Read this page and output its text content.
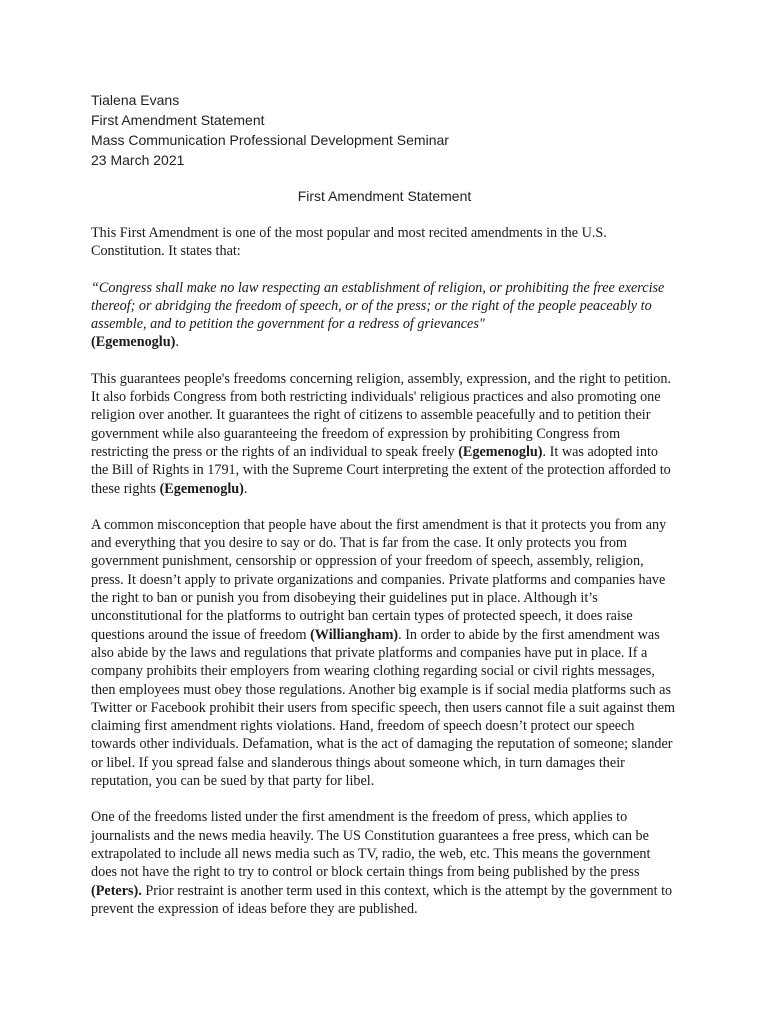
Tialena Evans
First Amendment Statement
Mass Communication Professional Development Seminar
23 March 2021
First Amendment Statement

This First Amendment is one of the most popular and most recited amendments in the U.S. Constitution. It states that:

“Congress shall make no law respecting an establishment of religion, or prohibiting the free exercise thereof; or abridging the freedom of speech, or of the press; or the right of the people peaceably to assemble, and to petition the government for a redress of grievances"
(Egemenoglu).

This guarantees people's freedoms concerning religion, assembly, expression, and the right to petition. It also forbids Congress from both restricting individuals' religious practices and also promoting one religion over another. It guarantees the right of citizens to assemble peacefully and to petition their government while also guaranteeing the freedom of expression by prohibiting Congress from restricting the press or the rights of an individual to speak freely (Egemenoglu). It was adopted into the Bill of Rights in 1791, with the Supreme Court interpreting the extent of the protection afforded to these rights (Egemenoglu).

A common misconception that people have about the first amendment is that it protects you from any and everything that you desire to say or do. That is far from the case. It only protects you from government punishment, censorship or oppression of your freedom of speech, assembly, religion, press. It doesn’t apply to private organizations and companies. Private platforms and companies have the right to ban or punish you from disobeying their guidelines put in place. Although it’s unconstitutional for the platforms to outright ban certain types of protected speech, it does raise questions around the issue of freedom (Williangham). In order to abide by the first amendment was also abide by the laws and regulations that private platforms and companies have put in place. If a company prohibits their employers from wearing clothing regarding social or civil rights messages, then employees must obey those regulations. Another big example is if social media platforms such as Twitter or Facebook prohibit their users from specific speech, then users cannot file a suit against them claiming first amendment rights violations. Hand, freedom of speech doesn’t protect our speech towards other individuals. Defamation, what is the act of damaging the reputation of someone; slander or libel. If you spread false and slanderous things about someone which, in turn damages their reputation, you can be sued by that party for libel.

One of the freedoms listed under the first amendment is the freedom of press, which applies to journalists and the news media heavily. The US Constitution guarantees a free press, which can be extrapolated to include all news media such as TV, radio, the web, etc. This means the government does not have the right to try to control or block certain things from being published by the press (Peters). Prior restraint is another term used in this context, which is the attempt by the government to prevent the expression of ideas before they are published.
